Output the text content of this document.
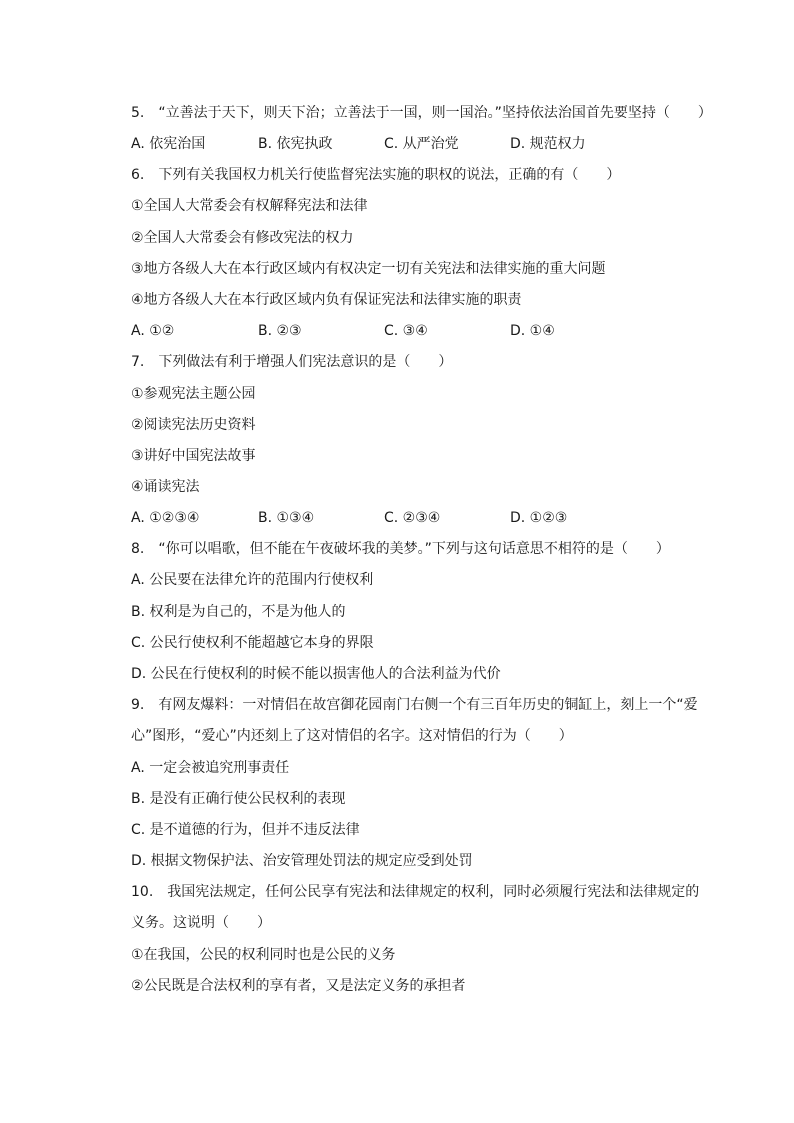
5.　“立善法于天下，则天下治；立善法于一国，则一国治。”坚持依法治国首先要坚持（　　）
A. 依宪治国	B. 依宪执政	C. 从严治党	D. 规范权力
6.　下列有关我国权力机关行使监督宪法实施的职权的说法，正确的有（　　）
①全国人大常委会有权解释宪法和法律
②全国人大常委会有修改宪法的权力
③地方各级人大在本行政区域内有权决定一切有关宪法和法律实施的重大问题
④地方各级人大在本行政区域内负有保证宪法和法律实施的职责
A. ①②	B. ②③	C. ③④	D. ①④
7.　下列做法有利于增强人们宪法意识的是（　　）
①参观宪法主题公园
②阅读宪法历史资料
③讲好中国宪法故事
④诵读宪法
A. ①②③④	B. ①③④	C. ②③④	D. ①②③
8.　“你可以唱歌，但不能在午夜破坏我的美梦。”下列与这句话意思不相符的是（　　）
A. 公民要在法律允许的范围内行使权利
B. 权利是为自己的，不是为他人的
C. 公民行使权利不能超越它本身的界限
D. 公民在行使权利的时候不能以损害他人的合法利益为代价
9.　有网友爆料：一对情侣在故宫御花园南门右侧一个有三百年历史的铜缸上，刻上一个“爱
心”图形，“爱心”内还刻上了这对情侣的名字。这对情侣的行为（　　）
A. 一定会被追究刑事责任
B. 是没有正确行使公民权利的表现
C. 是不道德的行为，但并不违反法律
D. 根据文物保护法、治安管理处罚法的规定应受到处罚
10.　我国宪法规定，任何公民享有宪法和法律规定的权利，同时必须履行宪法和法律规定的
义务。这说明（　　）
①在我国，公民的权利同时也是公民的义务
②公民既是合法权利的享有者，又是法定义务的承担者
